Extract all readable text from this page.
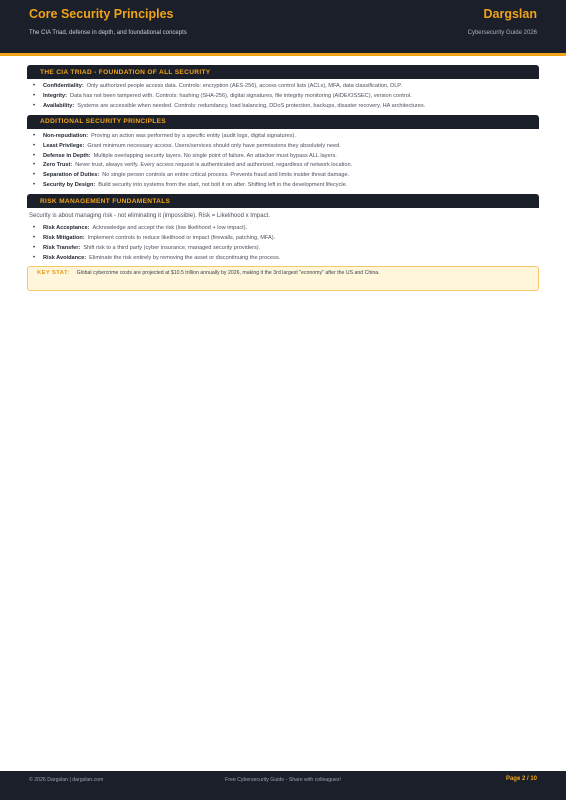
Core Security Principles	Dargslan
The CIA Triad, defense in depth, and foundational concepts	Cybersecurity Guide 2026
THE CIA TRIAD - FOUNDATION OF ALL SECURITY
• Confidentiality: Only authorized people access data. Controls: encryption (AES-256), access control lists (ACLs), MFA, data classification, DLP.
• Integrity: Data has not been tampered with. Controls: hashing (SHA-256), digital signatures, file integrity monitoring (AIDE/OSSEC), version control.
• Availability: Systems are accessible when needed. Controls: redundancy, load balancing, DDoS protection, backups, disaster recovery, HA architectures.
ADDITIONAL SECURITY PRINCIPLES
• Non-repudiation: Proving an action was performed by a specific entity (audit logs, digital signatures).
• Least Privilege: Grant minimum necessary access. Users/services should only have permissions they absolutely need.
• Defense in Depth: Multiple overlapping security layers. No single point of failure. An attacker must bypass ALL layers.
• Zero Trust: Never trust, always verify. Every access request is authenticated and authorized, regardless of network location.
• Separation of Duties: No single person controls an entire critical process. Prevents fraud and limits insider threat damage.
• Security by Design: Build security into systems from the start, not bolt it on after. Shifting left in the development lifecycle.
RISK MANAGEMENT FUNDAMENTALS
Security is about managing risk - not eliminating it (impossible). Risk = Likelihood x Impact.
• Risk Acceptance: Acknowledge and accept the risk (low likelihood + low impact).
• Risk Mitigation: Implement controls to reduce likelihood or impact (firewalls, patching, MFA).
• Risk Transfer: Shift risk to a third party (cyber insurance, managed security providers).
• Risk Avoidance: Eliminate the risk entirely by removing the asset or discontinuing the process.
KEY STAT: Global cybercrime costs are projected at $10.5 trillion annually by 2026, making it the 3rd largest "economy" after the US and China.
© 2026 Dargslan | dargslan.com	Free Cybersecurity Guide - Share with colleagues!	Page 2 / 10
